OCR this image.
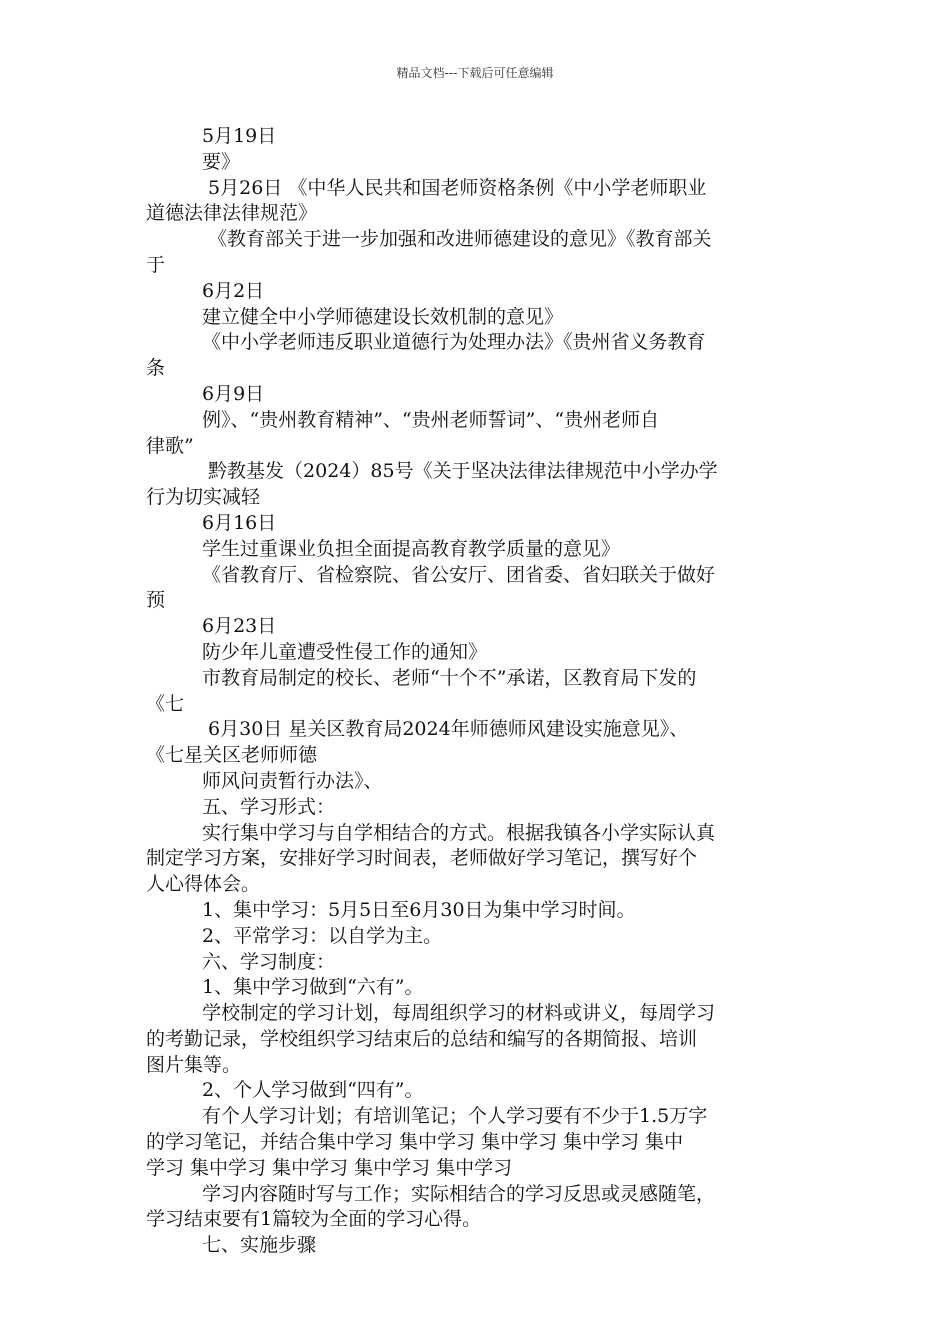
精品文档---下载后可任意编辑
5月19日
要》
5月26日 《中华人民共和国老师资格条例《中小学老师职业
道德法律法律规范》
《教育部关于进一步加强和改进师德建设的意见》《教育部关
于
6月2日
建立健全中小学师德建设长效机制的意见》
《中小学老师违反职业道德行为处理办法》《贵州省义务教育
条
6月9日
例》、“贵州教育精神”、“贵州老师誓词”、“贵州老师自
律歌”
黔教基发（2024）85号《关于坚决法律法律规范中小学办学
行为切实减轻
6月16日
学生过重课业负担全面提高教育教学质量的意见》
《省教育厅、省检察院、省公安厅、团省委、省妇联关于做好
预
6月23日
防少年儿童遭受性侵工作的通知》
市教育局制定的校长、老师“十个不”承诺，区教育局下发的
《七
6月30日 星关区教育局2024年师德师风建设实施意见》、
《七星关区老师师德
师风问责暂行办法》、
五、学习形式：
实行集中学习与自学相结合的方式。根据我镇各小学实际认真
制定学习方案，安排好学习时间表，老师做好学习笔记，撰写好个
人心得体会。
1、集中学习：5月5日至6月30日为集中学习时间。
2、平常学习：以自学为主。
六、学习制度：
1、集中学习做到“六有”。
学校制定的学习计划，每周组织学习的材料或讲义，每周学习
的考勤记录，学校组织学习结束后的总结和编写的各期简报、培训
图片集等。
2、个人学习做到“四有”。
有个人学习计划；有培训笔记；个人学习要有不少于1.5万字
的学习笔记，并结合集中学习 集中学习 集中学习 集中学习 集中
学习 集中学习 集中学习 集中学习 集中学习
学习内容随时写与工作；实际相结合的学习反思或灵感随笔，
学习结束要有1篇较为全面的学习心得。
七、实施步骤
